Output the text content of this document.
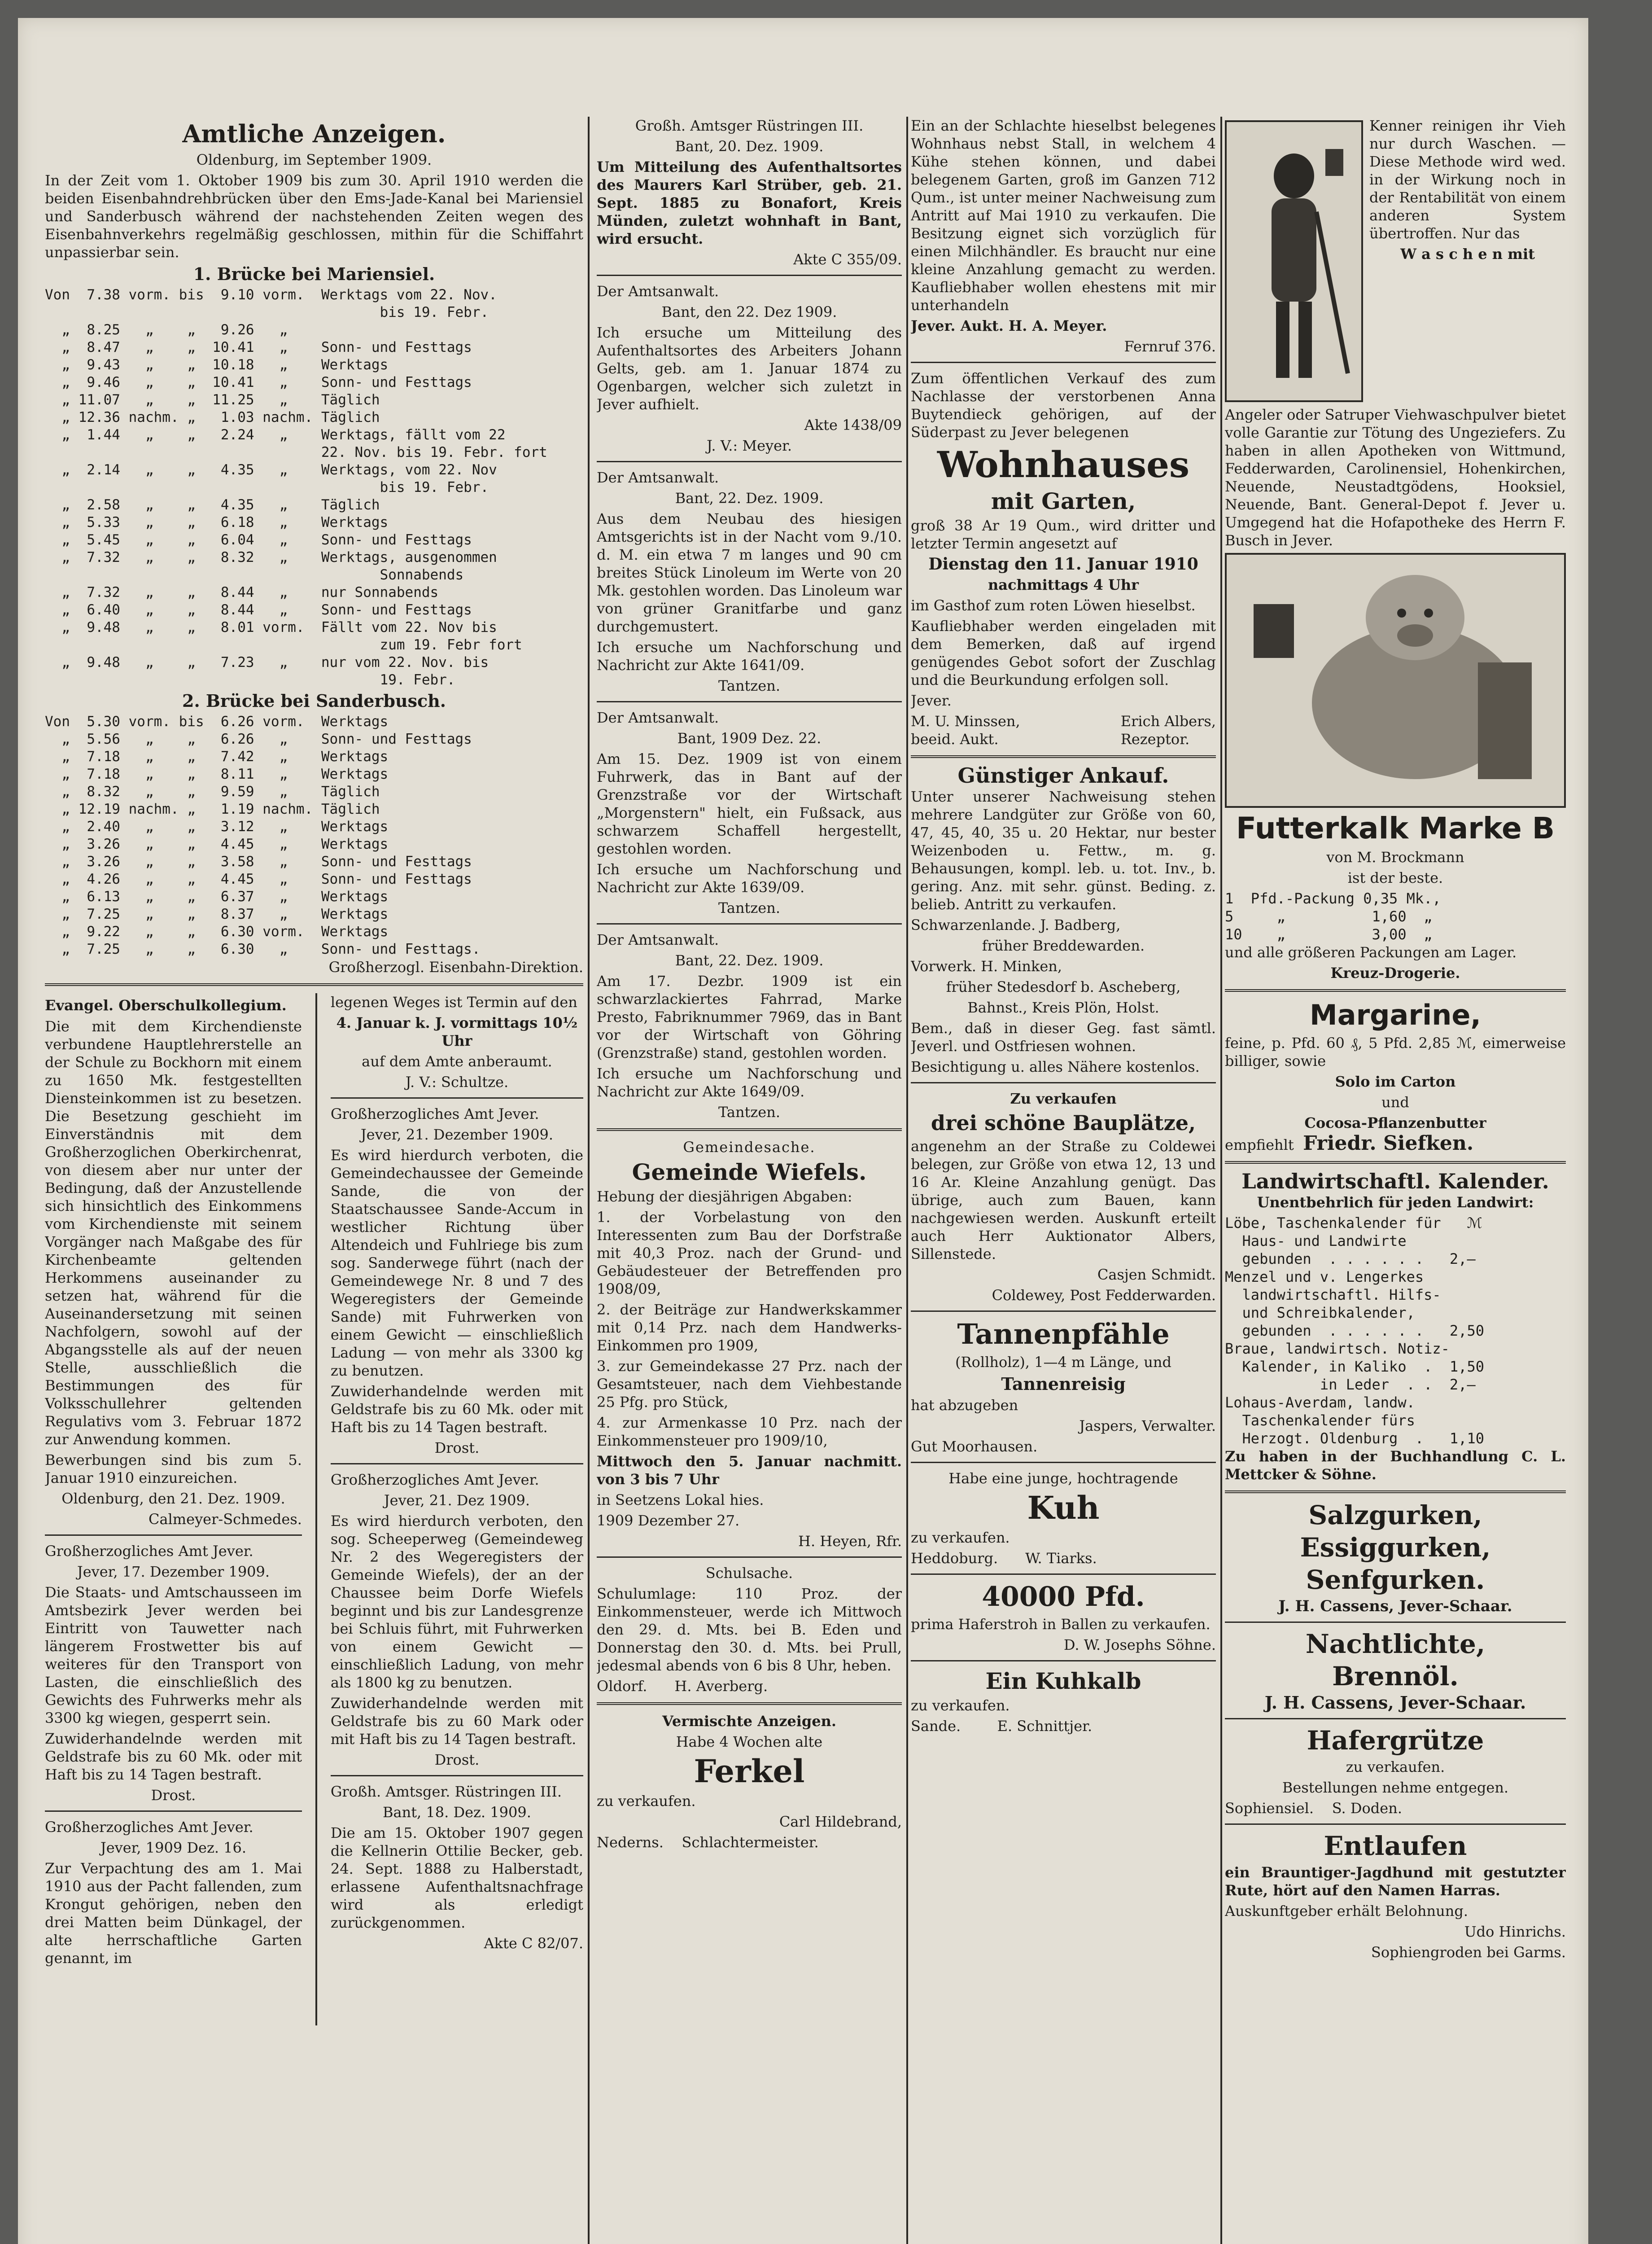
Amtliche Anzeigen.

Oldenburg, im September 1909.

In der Zeit vom 1. Oktober 1909 bis zum 30. April 1910 werden die beiden Eisenbahndrehbrücken über den Ems-Jade-Kanal bei Mariensiel und Sanderbusch während der nachstehenden Zeiten wegen des Eisenbahnverkehrs regelmäßig geschlossen, mithin für die Schiffahrt unpassierbar sein.

1. Brücke bei Mariensiel.
Von  7.38 vorm. bis  9.10 vorm.  Werktags vom 22. Nov.
bis 19. Febr.
„  8.25   „    „   9.26   „
„  8.47   „    „  10.41   „    Sonn- und Festtags
„  9.43   „    „  10.18   „    Werktags
„  9.46   „    „  10.41   „    Sonn- und Festtags
„ 11.07   „    „  11.25   „    Täglich
„ 12.36 nachm. „   1.03 nachm. Täglich
„  1.44   „    „   2.24   „    Werktags, fällt vom 22
22. Nov. bis 19. Febr. fort
„  2.14   „    „   4.35   „    Werktags, vom 22. Nov
bis 19. Febr.
„  2.58   „    „   4.35   „    Täglich
„  5.33   „    „   6.18   „    Werktags
„  5.45   „    „   6.04   „    Sonn- und Festtags
„  7.32   „    „   8.32   „    Werktags, ausgenommen
Sonnabends
„  7.32   „    „   8.44   „    nur Sonnabends
„  6.40   „    „   8.44   „    Sonn- und Festtags
„  9.48   „    „   8.01 vorm.  Fällt vom 22. Nov bis
zum 19. Febr fort
„  9.48   „    „   7.23   „    nur vom 22. Nov. bis
19. Febr.
2. Brücke bei Sanderbusch.
Von  5.30 vorm. bis  6.26 vorm.  Werktags
„  5.56   „    „   6.26   „    Sonn- und Festtags
„  7.18   „    „   7.42   „    Werktags
„  7.18   „    „   8.11   „    Werktags
„  8.32   „    „   9.59   „    Täglich
„ 12.19 nachm. „   1.19 nachm. Täglich
„  2.40   „    „   3.12   „    Werktags
„  3.26   „    „   4.45   „    Werktags
„  3.26   „    „   3.58   „    Sonn- und Festtags
„  4.26   „    „   4.45   „    Sonn- und Festtags
„  6.13   „    „   6.37   „    Werktags
„  7.25   „    „   8.37   „    Werktags
„  9.22   „    „   6.30 vorm.  Werktags
„  7.25   „    „   6.30   „    Sonn- und Festtags.

Großherzogl. Eisenbahn-Direktion.

Evangel. Oberschulkollegium.

Die mit dem Kirchendienste verbundene Hauptlehrerstelle an der Schule zu Bockhorn mit einem zu 1650 Mk. festgestellten Diensteinkommen ist zu besetzen. Die Besetzung geschieht im Einverständnis mit dem Großherzoglichen Oberkirchenrat, von diesem aber nur unter der Bedingung, daß der Anzustellende sich hinsichtlich des Einkommens vom Kirchendienste mit seinem Vorgänger nach Maßgabe des für Kirchenbeamte geltenden Herkommens auseinander zu setzen hat, während für die Auseinandersetzung mit seinen Nachfolgern, sowohl auf der Abgangsstelle als auf der neuen Stelle, ausschließlich die Bestimmungen des für Volksschullehrer geltenden Regulativs vom 3. Februar 1872 zur Anwendung kommen.

Bewerbungen sind bis zum 5. Januar 1910 einzureichen.

Oldenburg, den 21. Dez. 1909.

Calmeyer-Schmedes.

Großherzogliches Amt Jever.

Jever, 17. Dezember 1909.

Die Staats- und Amtschausseen im Amtsbezirk Jever werden bei Eintritt von Tauwetter nach längerem Frostwetter bis auf weiteres für den Transport von Lasten, die einschließlich des Gewichts des Fuhrwerks mehr als 3300 kg wiegen, gesperrt sein.

Zuwiderhandelnde werden mit Geldstrafe bis zu 60 Mk. oder mit Haft bis zu 14 Tagen bestraft.

Drost.

Großherzogliches Amt Jever.

Jever, 1909 Dez. 16.

Zur Verpachtung des am 1. Mai 1910 aus der Pacht fallenden, zum Krongut gehörigen, neben den drei Matten beim Dünkagel, der alte herrschaftliche Garten genannt, im

legenen Weges ist Termin auf den

4. Januar k. J. vormittags 10½ Uhr

auf dem Amte anberaumt.

J. V.: Schultze.

Großherzogliches Amt Jever.

Jever, 21. Dezember 1909.

Es wird hierdurch verboten, die Gemeindechaussee der Gemeinde Sande, die von der Staatschaussee Sande-Accum in westlicher Richtung über Altendeich und Fuhlriege bis zum sog. Sanderwege führt (nach der Gemeindewege Nr. 8 und 7 des Wegeregisters der Gemeinde Sande) mit Fuhrwerken von einem Gewicht — einschließlich Ladung — von mehr als 3300 kg zu benutzen.

Zuwiderhandelnde werden mit Geldstrafe bis zu 60 Mk. oder mit Haft bis zu 14 Tagen bestraft.

Drost.

Großherzogliches Amt Jever.

Jever, 21. Dez 1909.

Es wird hierdurch verboten, den sog. Scheeperweg (Gemeindeweg Nr. 2 des Wegeregisters der Gemeinde Wiefels), der an der Chaussee beim Dorfe Wiefels beginnt und bis zur Landesgrenze bei Schluis führt, mit Fuhrwerken von einem Gewicht — einschließlich Ladung, von mehr als 1800 kg zu benutzen.

Zuwiderhandelnde werden mit Geldstrafe bis zu 60 Mark oder mit Haft bis zu 14 Tagen bestraft.

Drost.

Großh. Amtsger. Rüstringen III.

Bant, 18. Dez. 1909.

Die am 15. Oktober 1907 gegen die Kellnerin Ottilie Becker, geb. 24. Sept. 1888 zu Halberstadt, erlassene Aufenthaltsnachfrage wird als erledigt zurückgenommen.

Akte C 82/07.

Großh. Amtsger Rüstringen III.

Bant, 20. Dez. 1909.

Um Mitteilung des Aufenthaltsortes des Maurers Karl Strüber, geb. 21. Sept. 1885 zu Bonafort, Kreis Münden, zuletzt wohnhaft in Bant, wird ersucht.

Akte C 355/09.

Der Amtsanwalt.

Bant, den 22. Dez 1909.

Ich ersuche um Mitteilung des Aufenthaltsortes des Arbeiters Johann Gelts, geb. am 1. Januar 1874 zu Ogenbargen, welcher sich zuletzt in Jever aufhielt.

Akte 1438/09

J. V.: Meyer.

Der Amtsanwalt.

Bant, 22. Dez. 1909.

Aus dem Neubau des hiesigen Amtsgerichts ist in der Nacht vom 9./10. d. M. ein etwa 7 m langes und 90 cm breites Stück Linoleum im Werte von 20 Mk. gestohlen worden. Das Linoleum war von grüner Granitfarbe und ganz durchgemustert.

Ich ersuche um Nachforschung und Nachricht zur Akte 1641/09.

Tantzen.

Der Amtsanwalt.

Bant, 1909 Dez. 22.

Am 15. Dez. 1909 ist von einem Fuhrwerk, das in Bant auf der Grenzstraße vor der Wirtschaft „Morgenstern" hielt, ein Fußsack, aus schwarzem Schaffell hergestellt, gestohlen worden.

Ich ersuche um Nachforschung und Nachricht zur Akte 1639/09.

Tantzen.

Der Amtsanwalt.

Bant, 22. Dez. 1909.

Am 17. Dezbr. 1909 ist ein schwarzlackiertes Fahrrad, Marke Presto, Fabriknummer 7969, das in Bant vor der Wirtschaft von Göhring (Grenzstraße) stand, gestohlen worden.

Ich ersuche um Nachforschung und Nachricht zur Akte 1649/09.

Tantzen.

Gemeindesache.

Gemeinde Wiefels.

Hebung der diesjährigen Abgaben:

1. der Vorbelastung von den Interessenten zum Bau der Dorfstraße mit 40,3 Proz. nach der Grund- und Gebäudesteuer der Betreffenden pro 1908/09,
2. der Beiträge zur Handwerkskammer mit 0,14 Prz. nach dem Handwerks-Einkommen pro 1909,
3. zur Gemeindekasse 27 Prz. nach der Gesamtsteuer, nach dem Viehbestande 25 Pfg. pro Stück,
4. zur Armenkasse 10 Prz. nach der Einkommensteuer pro 1909/10,

Mittwoch den 5. Januar nachmitt. von 3 bis 7 Uhr

in Seetzens Lokal hies.

1909 Dezember 27.

H. Heyen, Rfr.

Schulsache.

Schulumlage: 110 Proz. der Einkommensteuer, werde ich Mittwoch den 29. d. Mts. bei B. Eden und Donnerstag den 30. d. Mts. bei Prull, jedesmal abends von 6 bis 8 Uhr, heben.

Oldorf. H. Averberg.

Vermischte Anzeigen.

Habe 4 Wochen alte

Ferkel

zu verkaufen.

Carl Hildebrand,

Nederns. Schlachtermeister.

Ein an der Schlachte hieselbst belegenes Wohnhaus nebst Stall, in welchem 4 Kühe stehen können, und dabei belegenem Garten, groß im Ganzen 712 Qum., ist unter meiner Nachweisung zum Antritt auf Mai 1910 zu verkaufen. Die Besitzung eignet sich vorzüglich für einen Milchhändler. Es braucht nur eine kleine Anzahlung gemacht zu werden. Kaufliebhaber wollen ehestens mit mir unterhandeln

Jever. Aukt. H. A. Meyer.

Fernruf 376.

Zum öffentlichen Verkauf des zum Nachlasse der verstorbenen Anna Buytendieck gehörigen, auf der Süderpast zu Jever belegenen

Wohnhauses
mit Garten,

groß 38 Ar 19 Qum., wird dritter und letzter Termin angesetzt auf

Dienstag den 11. Januar 1910

nachmittags 4 Uhr

im Gasthof zum roten Löwen hieselbst.

Kaufliebhaber werden eingeladen mit dem Bemerken, daß auf irgend genügendes Gebot sofort der Zuschlag und die Beurkundung erfolgen soll.

Jever.

M. U. Minssen,

beeid. Aukt.

Erich Albers,

Rezeptor.

Günstiger Ankauf.

Unter unserer Nachweisung stehen mehrere Landgüter zur Größe von 60, 47, 45, 40, 35 u. 20 Hektar, nur bester Weizenboden u. Fettw., m. g. Behausungen, kompl. leb. u. tot. Inv., b. gering. Anz. mit sehr. günst. Beding. z. belieb. Antritt zu verkaufen.

Schwarzenlande. J. Badberg,

früher Breddewarden.

Vorwerk. H. Minken,

früher Stedesdorf b. Ascheberg,

Bahnst., Kreis Plön, Holst.

Bem., daß in dieser Geg. fast sämtl. Jeverl. und Ostfriesen wohnen.

Besichtigung u. alles Nähere kostenlos.

Zu verkaufen

drei schöne Bauplätze,

angenehm an der Straße zu Coldewei belegen, zur Größe von etwa 12, 13 und 16 Ar. Kleine Anzahlung genügt. Das übrige, auch zum Bauen, kann nachgewiesen werden. Auskunft erteilt auch Herr Auktionator Albers, Sillenstede.

Casjen Schmidt.

Coldewey, Post Fedderwarden.

Tannenpfähle

(Rollholz), 1—4 m Länge, und

Tannenreisig

hat abzugeben

Jaspers, Verwalter.

Gut Moorhausen.

Habe eine junge, hochtragende

Kuh

zu verkaufen.

Heddoburg. W. Tiarks.

40000 Pfd.

prima Haferstroh in Ballen zu verkaufen.

D. W. Josephs Söhne.

Ein Kuhkalb

zu verkaufen.

Sande.	E. Schnittjer.

Kenner reinigen ihr Vieh nur durch Waschen. — Diese Methode wird wed. in der Wirkung noch in der Rentabilität von einem anderen System übertroffen. Nur das

W a s c h e n mit

Angeler oder Satruper Viehwaschpulver bietet volle Garantie zur Tötung des Ungeziefers. Zu haben in allen Apotheken von Wittmund, Fedderwarden, Carolinensiel, Hohenkirchen, Neuende, Neustadtgödens, Hooksiel, Neuende, Bant. General-Depot f. Jever u. Umgegend hat die Hofapotheke des Herrn F. Busch in Jever.

Futterkalk Marke B

von M. Brockmann

ist der beste.

1  Pfd.-Packung 0,35 Mk.,
5     „          1,60  „
10    „          3,00  „

und alle größeren Packungen am Lager.

Kreuz-Drogerie.

Margarine,

feine, p. Pfd. 60 ₰, 5 Pfd. 2,85 ℳ, eimerweise billiger, sowie

Solo im Carton

und

Cocosa-Pflanzenbutter

empfiehlt Friedr. Siefken.

Landwirtschaftl. Kalender.

Unentbehrlich für jeden Landwirt:

Löbe, Taschenkalender für   ℳ
Haus- und Landwirte
gebunden  . . . . . .   2,—
Menzel und v. Lengerkes
landwirtschaftl. Hilfs-
und Schreibkalender,
gebunden  . . . . . .   2,50
Braue, landwirtsch. Notiz-
Kalender, in Kaliko  .  1,50
in Leder  . .  2,—
Lohaus-Averdam, landw.
Taschenkalender fürs
Herzogt. Oldenburg  .   1,10

Zu haben in der Buchhandlung C. L. Mettcker & Söhne.

Salzgurken,
Essiggurken,
Senfgurken.

J. H. Cassens, Jever-Schaar.

Nachtlichte,
Brennöl.

J. H. Cassens, Jever-Schaar.

Hafergrütze

zu verkaufen.

Bestellungen nehme entgegen.

Sophiensiel. S. Doden.

Entlaufen

ein Brauntiger-Jagdhund mit gestutzter Rute, hört auf den Namen Harras.

Auskunftgeber erhält Belohnung.

Udo Hinrichs.

Sophiengroden bei Garms.
